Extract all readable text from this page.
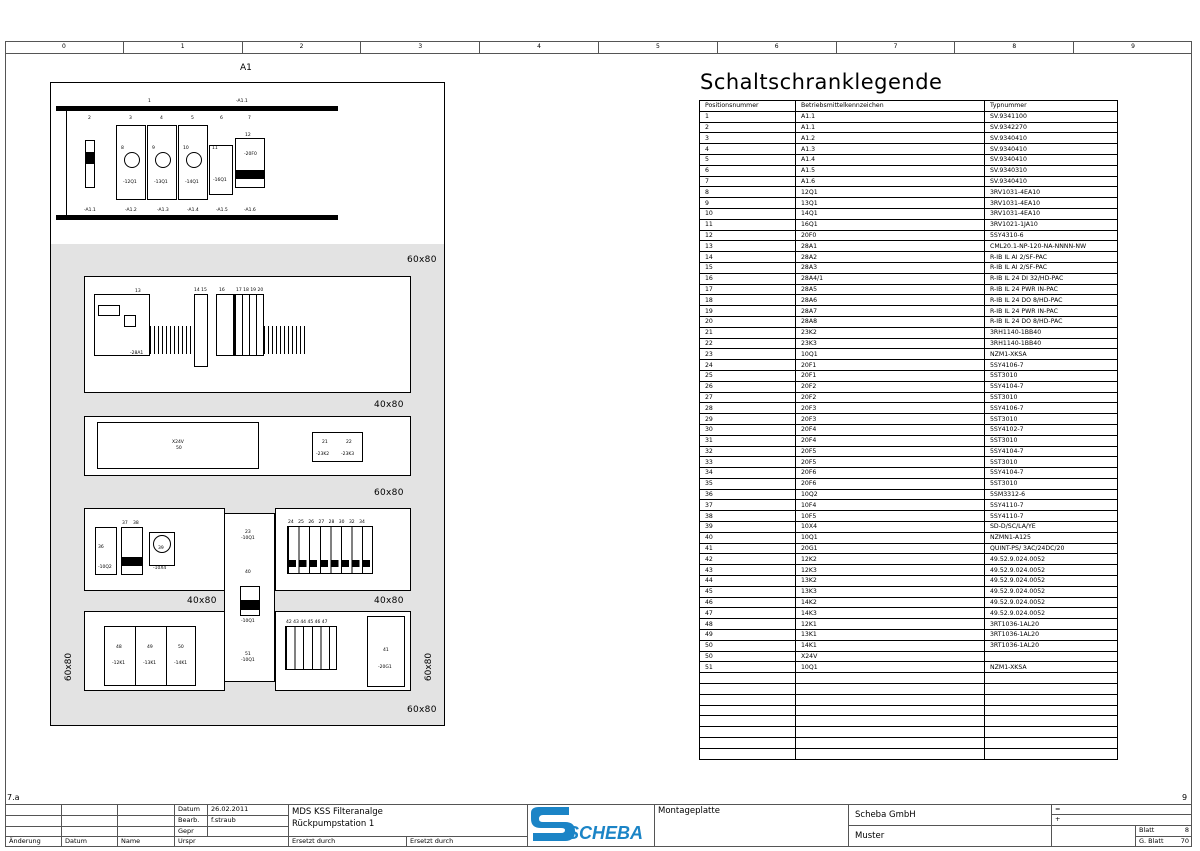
0	1	2	3	4	5	6	7	8	9
7.a	9
A1
1	-A1.1
2	3	4	5	6	7
8	9	10	11
-12Q1	-13Q1	-14Q1	-16Q1
12
-20F0
-A1.1	-A1.2	-A1.3	-A1.4	-A1.5	-A1.6
60x80
40x80
60x80
40x80	40x80
60x80
60x80	60x80
13
-28A1
14 15	16	17 18 19 20
X24V
50
21	22
-23K2	-23K3
36
-10Q2
37 38
39
-10X4
23
-10Q1
40
-10Q1
51
-10Q1
24 25 26 27 28 30 32 34
48	49	50
-12K1	-13K1	-14K1
42 43 44 45 46 47
41
-20G1
Schaltschranklegende
Positionsnummer	Betriebsmittelkennzeichen	Typnummer
1	A1.1	SV.9341100
2	A1.1	SV.9342270
3	A1.2	SV.9340410
4	A1.3	SV.9340410
5	A1.4	SV.9340410
6	A1.5	SV.9340310
7	A1.6	SV.9340410
8	12Q1	3RV1031-4EA10
9	13Q1	3RV1031-4EA10
10	14Q1	3RV1031-4EA10
11	16Q1	3RV1021-1JA10
12	20F0	5SY4310-6
13	28A1	CML20.1-NP-120-NA-NNNN-NW
14	28A2	R-IB IL AI 2/SF-PAC
15	28A3	R-IB IL AI 2/SF-PAC
16	28A4/1	R-IB IL 24 DI 32/HD-PAC
17	28A5	R-IB IL 24 PWR IN-PAC
18	28A6	R-IB IL 24 DO 8/HD-PAC
19	28A7	R-IB IL 24 PWR IN-PAC
20	28A8	R-IB IL 24 DO 8/HD-PAC
21	23K2	3RH1140-1BB40
22	23K3	3RH1140-1BB40
23	10Q1	NZM1-XKSA
24	20F1	5SY4106-7
25	20F1	5ST3010
26	20F2	5SY4104-7
27	20F2	5ST3010
28	20F3	5SY4106-7
29	20F3	5ST3010
30	20F4	5SY4102-7
31	20F4	5ST3010
32	20F5	5SY4104-7
33	20F5	5ST3010
34	20F6	5SY4104-7
35	20F6	5ST3010
36	10Q2	5SM3312-6
37	10F4	5SY4110-7
38	10F5	5SY4110-7
39	10X4	SD-D/SC/LA/YE
40	10Q1	NZMN1-A125
41	20G1	QUINT-PS/ 3AC/24DC/20
42	12K2	49.52.9.024.0052
43	12K3	49.52.9.024.0052
44	13K2	49.52.9.024.0052
45	13K3	49.52.9.024.0052
46	14K2	49.52.9.024.0052
47	14K3	49.52.9.024.0052
48	12K1	3RT1036-1AL20
49	13K1	3RT1036-1AL20
50	14K1	3RT1036-1AL20
50	X24V	
51	10Q1	NZM1-XKSA

Datum	26.02.2011
Bearb.	f.straub
Gepr
Änderung	Datum	Name	Urspr
MDS KSS Filteranalge
Rückpumpstation 1
Ersetzt durch	Ersetzt durch
Montageplatte	Scheba GmbH
Muster
=
+
Blatt	8
G. Blatt	70
SCHEBA
